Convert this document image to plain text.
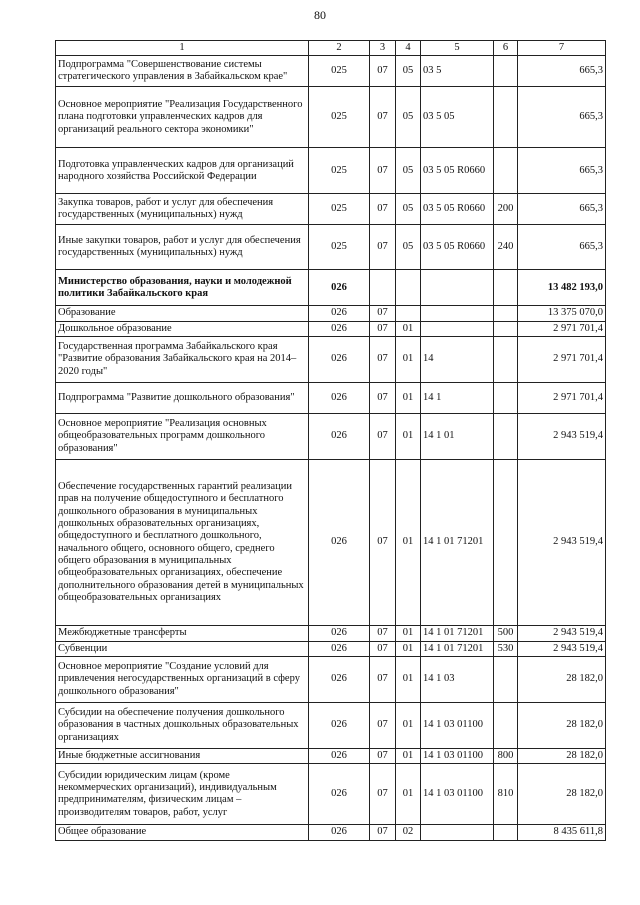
80
1	2	3	4	5	6	7
Подпрограмма "Совершенствование системы стратегического управления в Забайкальском крае"	025	07	05	03 5		665,3
Основное мероприятие "Реализация Государственного плана подготовки управленческих кадров для организаций реального сектора экономики"	025	07	05	03 5 05		665,3
Подготовка управленческих кадров для организаций народного хозяйства Российской Федерации	025	07	05	03 5 05 R0660		665,3
Закупка товаров, работ и услуг для обеспечения государственных (муниципальных) нужд	025	07	05	03 5 05 R0660	200	665,3
Иные закупки товаров, работ и услуг для обеспечения государственных (муниципальных) нужд	025	07	05	03 5 05 R0660	240	665,3
Министерство образования, науки и молодежной политики Забайкальского края	026					13 482 193,0
Образование	026	07				13 375 070,0
Дошкольное образование	026	07	01			2 971 701,4
Государственная программа Забайкальского края "Развитие образования Забайкальского края на 2014–2020 годы"	026	07	01	14		2 971 701,4
Подпрограмма "Развитие дошкольного образования"	026	07	01	14 1		2 971 701,4
Основное мероприятие "Реализация основных общеобразовательных программ дошкольного образования"	026	07	01	14 1 01		2 943 519,4
Обеспечение государственных гарантий реализации прав на получение общедоступного и бесплатного дошкольного образования в муниципальных дошкольных образовательных организациях, общедоступного и бесплатного дошкольного, начального общего, основного общего, среднего общего образования в муниципальных общеобразовательных организациях, обеспечение дополнительного образования детей в муниципальных общеобразовательных организациях	026	07	01	14 1 01 71201		2 943 519,4
Межбюджетные трансферты	026	07	01	14 1 01 71201	500	2 943 519,4
Субвенции	026	07	01	14 1 01 71201	530	2 943 519,4
Основное мероприятие "Создание условий для привлечения негосударственных организаций в сферу дошкольного образования"	026	07	01	14 1 03		28 182,0
Субсидии на обеспечение получения дошкольного образования в частных дошкольных образовательных организациях	026	07	01	14 1 03 01100		28 182,0
Иные бюджетные ассигнования	026	07	01	14 1 03 01100	800	28 182,0
Субсидии юридическим лицам (кроме некоммерческих организаций), индивидуальным предпринимателям, физическим лицам – производителям товаров, работ, услуг	026	07	01	14 1 03 01100	810	28 182,0
Общее образование	026	07	02			8 435 611,8
